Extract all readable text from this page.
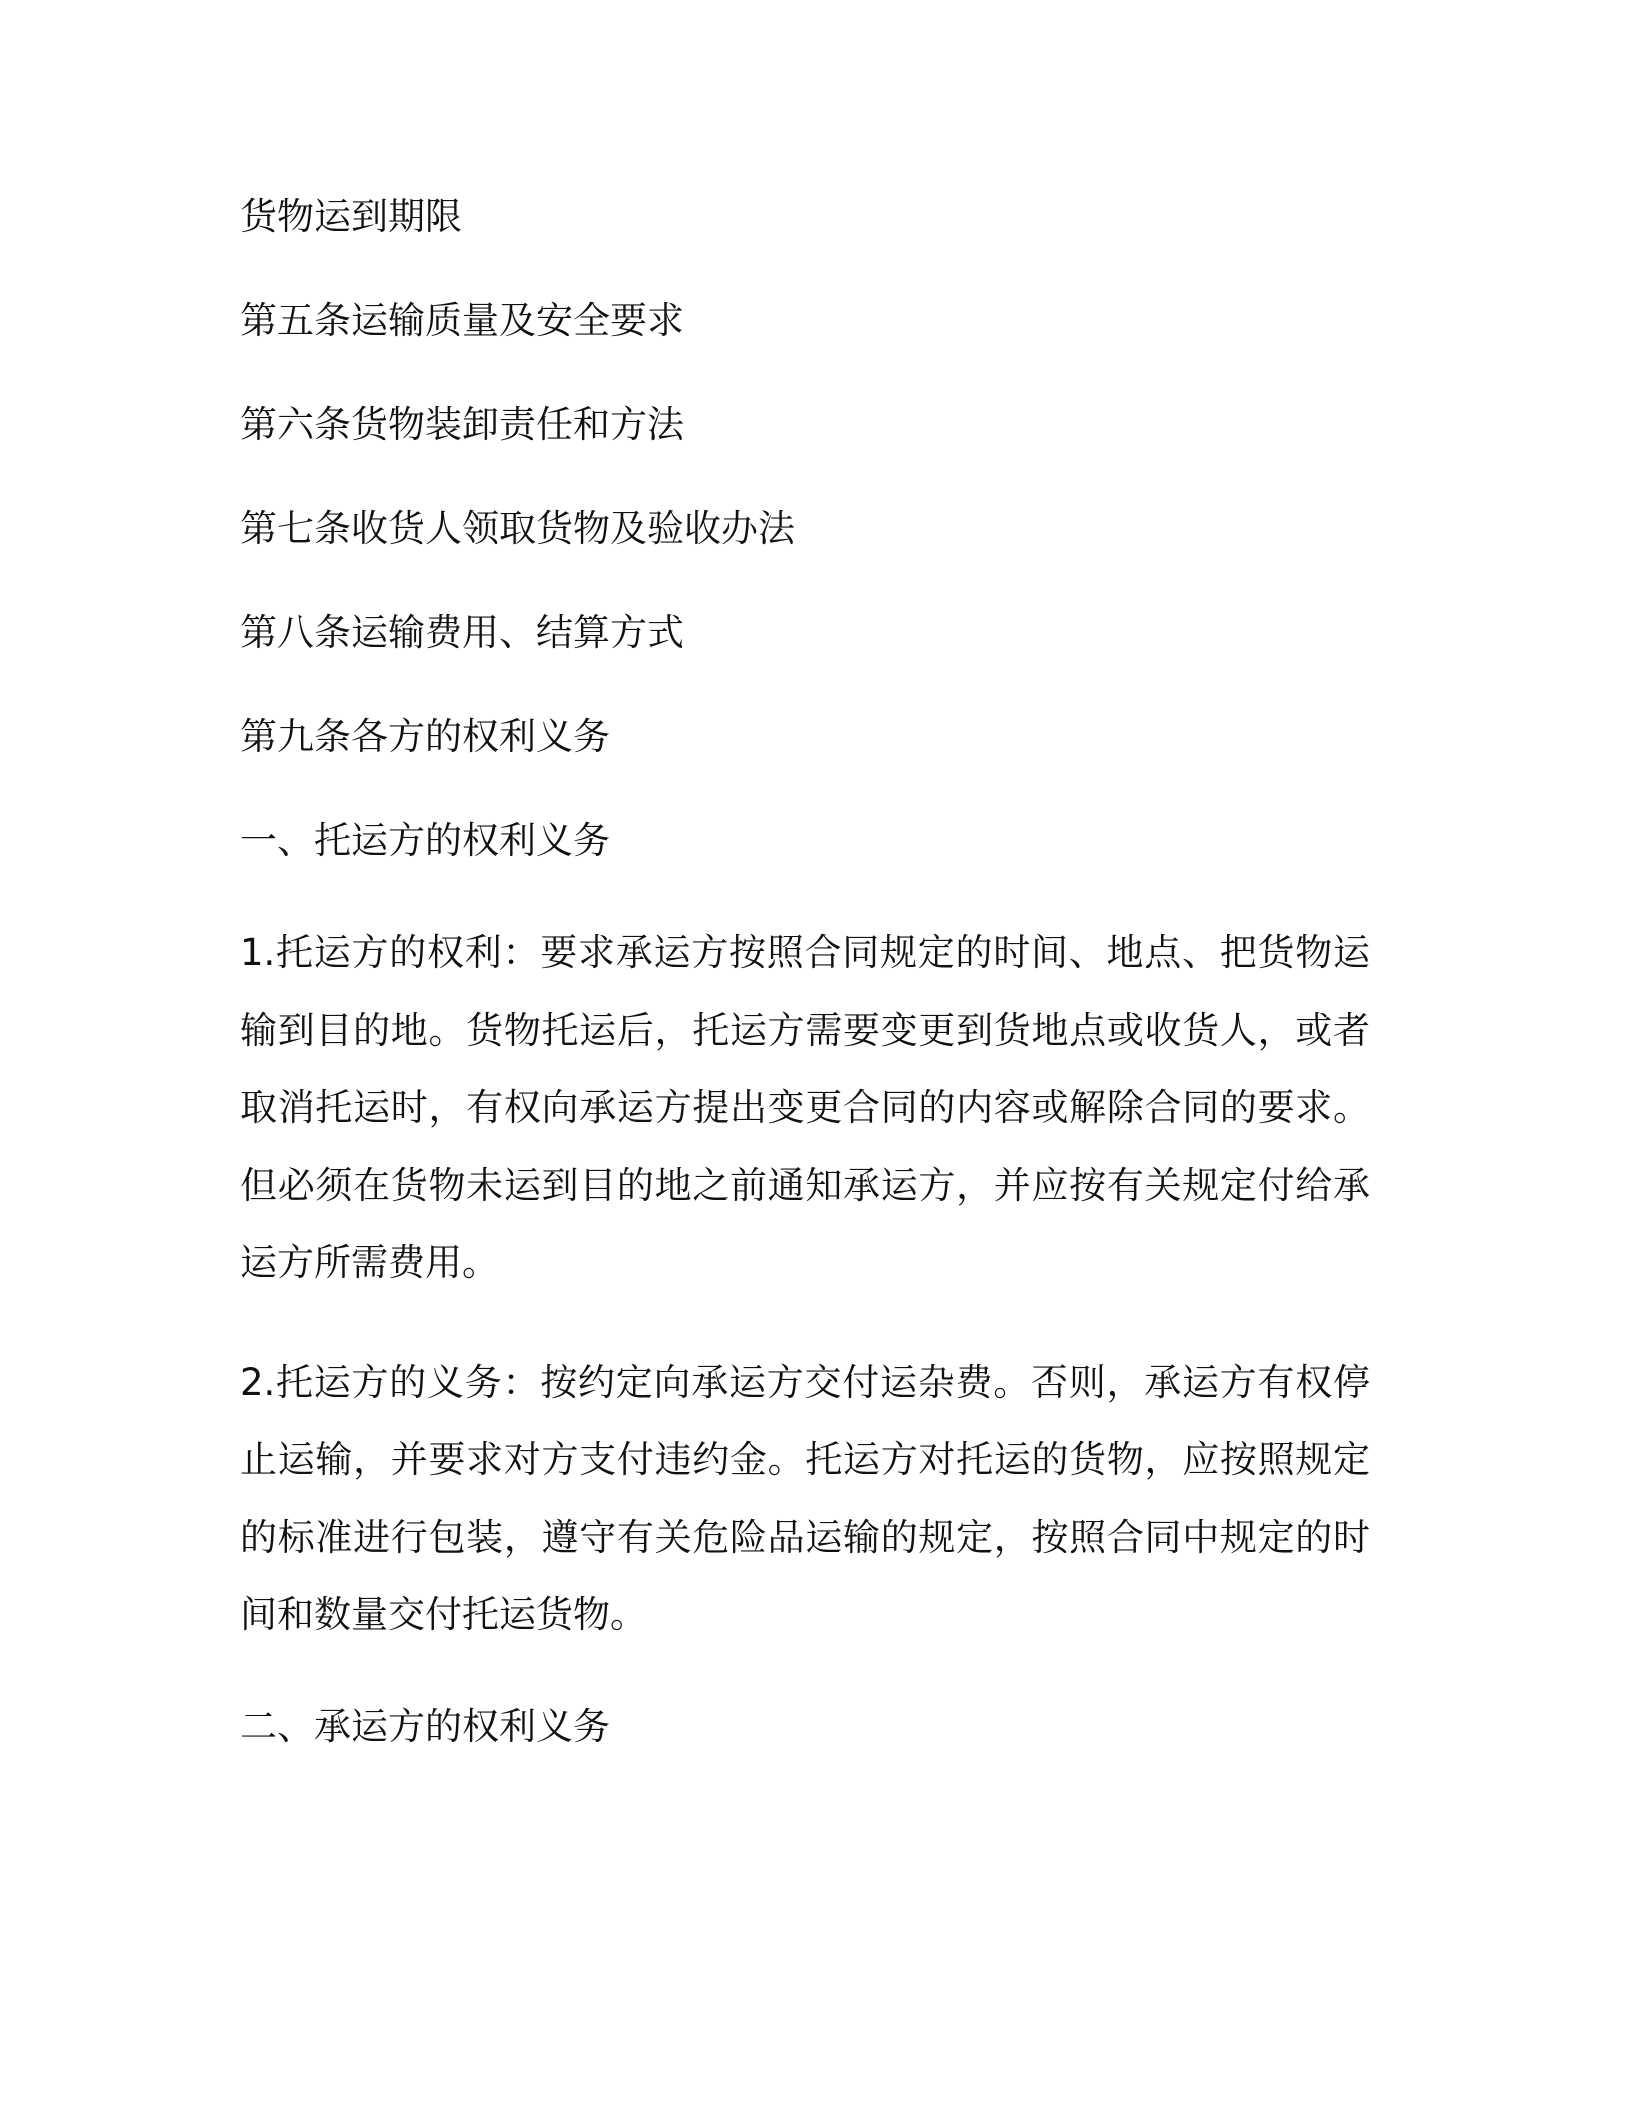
货物运到期限
第五条运输质量及安全要求
第六条货物装卸责任和方法
第七条收货人领取货物及验收办法
第八条运输费用、结算方式
第九条各方的权利义务
一、托运方的权利义务
1.托运方的权利：要求承运方按照合同规定的时间、地点、把货物运输到目的地。货物托运后，托运方需要变更到货地点或收货人，或者取消托运时，有权向承运方提出变更合同的内容或解除合同的要求。但必须在货物未运到目的地之前通知承运方，并应按有关规定付给承运方所需费用。
2.托运方的义务：按约定向承运方交付运杂费。否则，承运方有权停止运输，并要求对方支付违约金。托运方对托运的货物，应按照规定的标准进行包装，遵守有关危险品运输的规定，按照合同中规定的时间和数量交付托运货物。
二、承运方的权利义务
